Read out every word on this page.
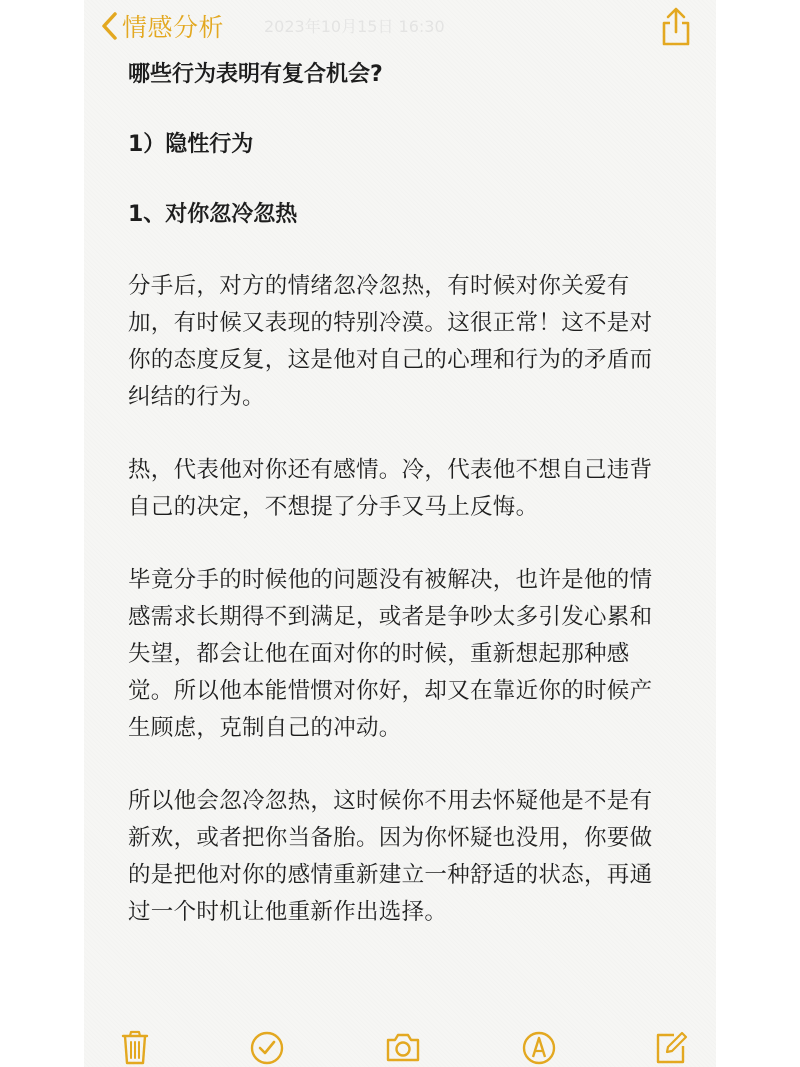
情感分析 2023年10月15日 16:30

哪些行为表明有复合机会?

1）隐性行为

1、对你忽冷忽热

分手后，对方的情绪忽冷忽热，有时候对你关爱有加，有时候又表现的特别冷漠。这很正常！这不是对你的态度反复，这是他对自己的心理和行为的矛盾而纠结的行为。

热，代表他对你还有感情。冷，代表他不想自己违背自己的决定，不想提了分手又马上反悔。

毕竟分手的时候他的问题没有被解决，也许是他的情感需求长期得不到满足，或者是争吵太多引发心累和失望，都会让他在面对你的时候，重新想起那种感觉。所以他本能惜惯对你好，却又在靠近你的时候产生顾虑，克制自己的冲动。

所以他会忽冷忽热，这时候你不用去怀疑他是不是有新欢，或者把你当备胎。因为你怀疑也没用，你要做的是把他对你的感情重新建立一种舒适的状态，再通过一个时机让他重新作出选择。
